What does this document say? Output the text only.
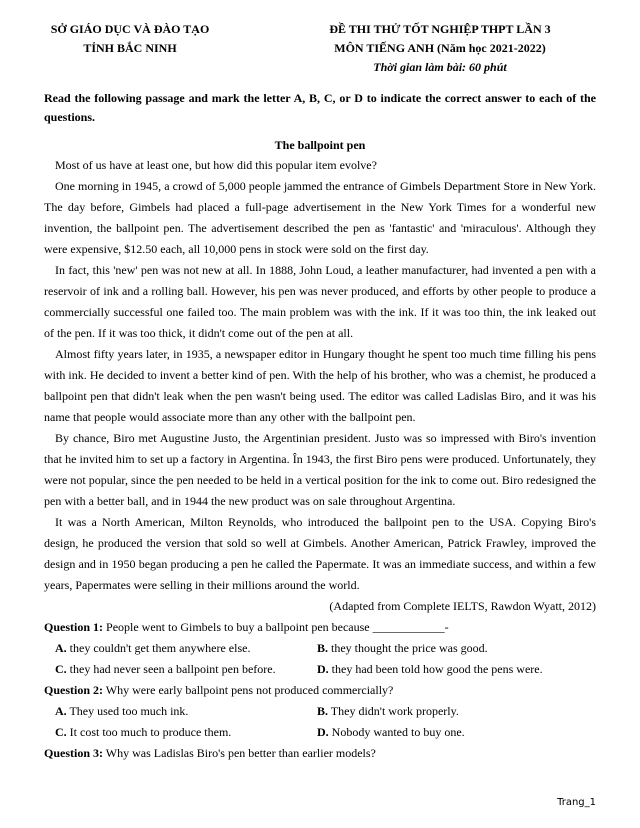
SỞ GIÁO DỤC VÀ ĐÀO TẠO
TỈNH BẮC NINH
ĐỀ THI THỬ TỐT NGHIỆP THPT LẦN 3
MÔN TIẾNG ANH (Năm học 2021-2022)
Thời gian làm bài: 60 phút

Read the following passage and mark the letter A, B, C, or D to indicate the correct answer to each of the questions.

The ballpoint pen

Most of us have at least one, but how did this popular item evolve?

One morning in 1945, a crowd of 5,000 people jammed the entrance of Gimbels Department Store in New York. The day before, Gimbels had placed a full-page advertisement in the New York Times for a wonderful new invention, the ballpoint pen. The advertisement described the pen as 'fantastic' and 'miraculous'. Although they were expensive, $12.50 each, all 10,000 pens in stock were sold on the first day.

In fact, this 'new' pen was not new at all. In 1888, John Loud, a leather manufacturer, had invented a pen with a reservoir of ink and a rolling ball. However, his pen was never produced, and efforts by other people to produce a commercially successful one failed too. The main problem was with the ink. If it was too thin, the ink leaked out of the pen. If it was too thick, it didn't come out of the pen at all.

Almost fifty years later, in 1935, a newspaper editor in Hungary thought he spent too much time filling his pens with ink. He decided to invent a better kind of pen. With the help of his brother, who was a chemist, he produced a ballpoint pen that didn't leak when the pen wasn't being used. The editor was called Ladislas Biro, and it was his name that people would associate more than any other with the ballpoint pen.

By chance, Biro met Augustine Justo, the Argentinian president. Justo was so impressed with Biro's invention that he invited him to set up a factory in Argentina. În 1943, the first Biro pens were produced. Unfortunately, they were not popular, since the pen needed to be held in a vertical position for the ink to come out. Biro redesigned the pen with a better ball, and in 1944 the new product was on sale throughout Argentina.

It was a North American, Milton Reynolds, who introduced the ballpoint pen to the USA. Copying Biro's design, he produced the version that sold so well at Gimbels. Another American, Patrick Frawley, improved the design and in 1950 began producing a pen he called the Papermate. It was an immediate success, and within a few years, Papermates were selling in their millions around the world.

(Adapted from Complete IELTS, Rawdon Wyatt, 2012)

Question 1: People went to Gimbels to buy a ballpoint pen because ____________-

A. they couldn't get them anywhere else.	B. they thought the price was good.
C. they had never seen a ballpoint pen before.	D. they had been told how good the pens were.

Question 2: Why were early ballpoint pens not produced commercially?

A. They used too much ink.	B. They didn't work properly.
C. It cost too much to produce them.	D. Nobody wanted to buy one.

Question 3: Why was Ladislas Biro's pen better than earlier models?

Trang_1
